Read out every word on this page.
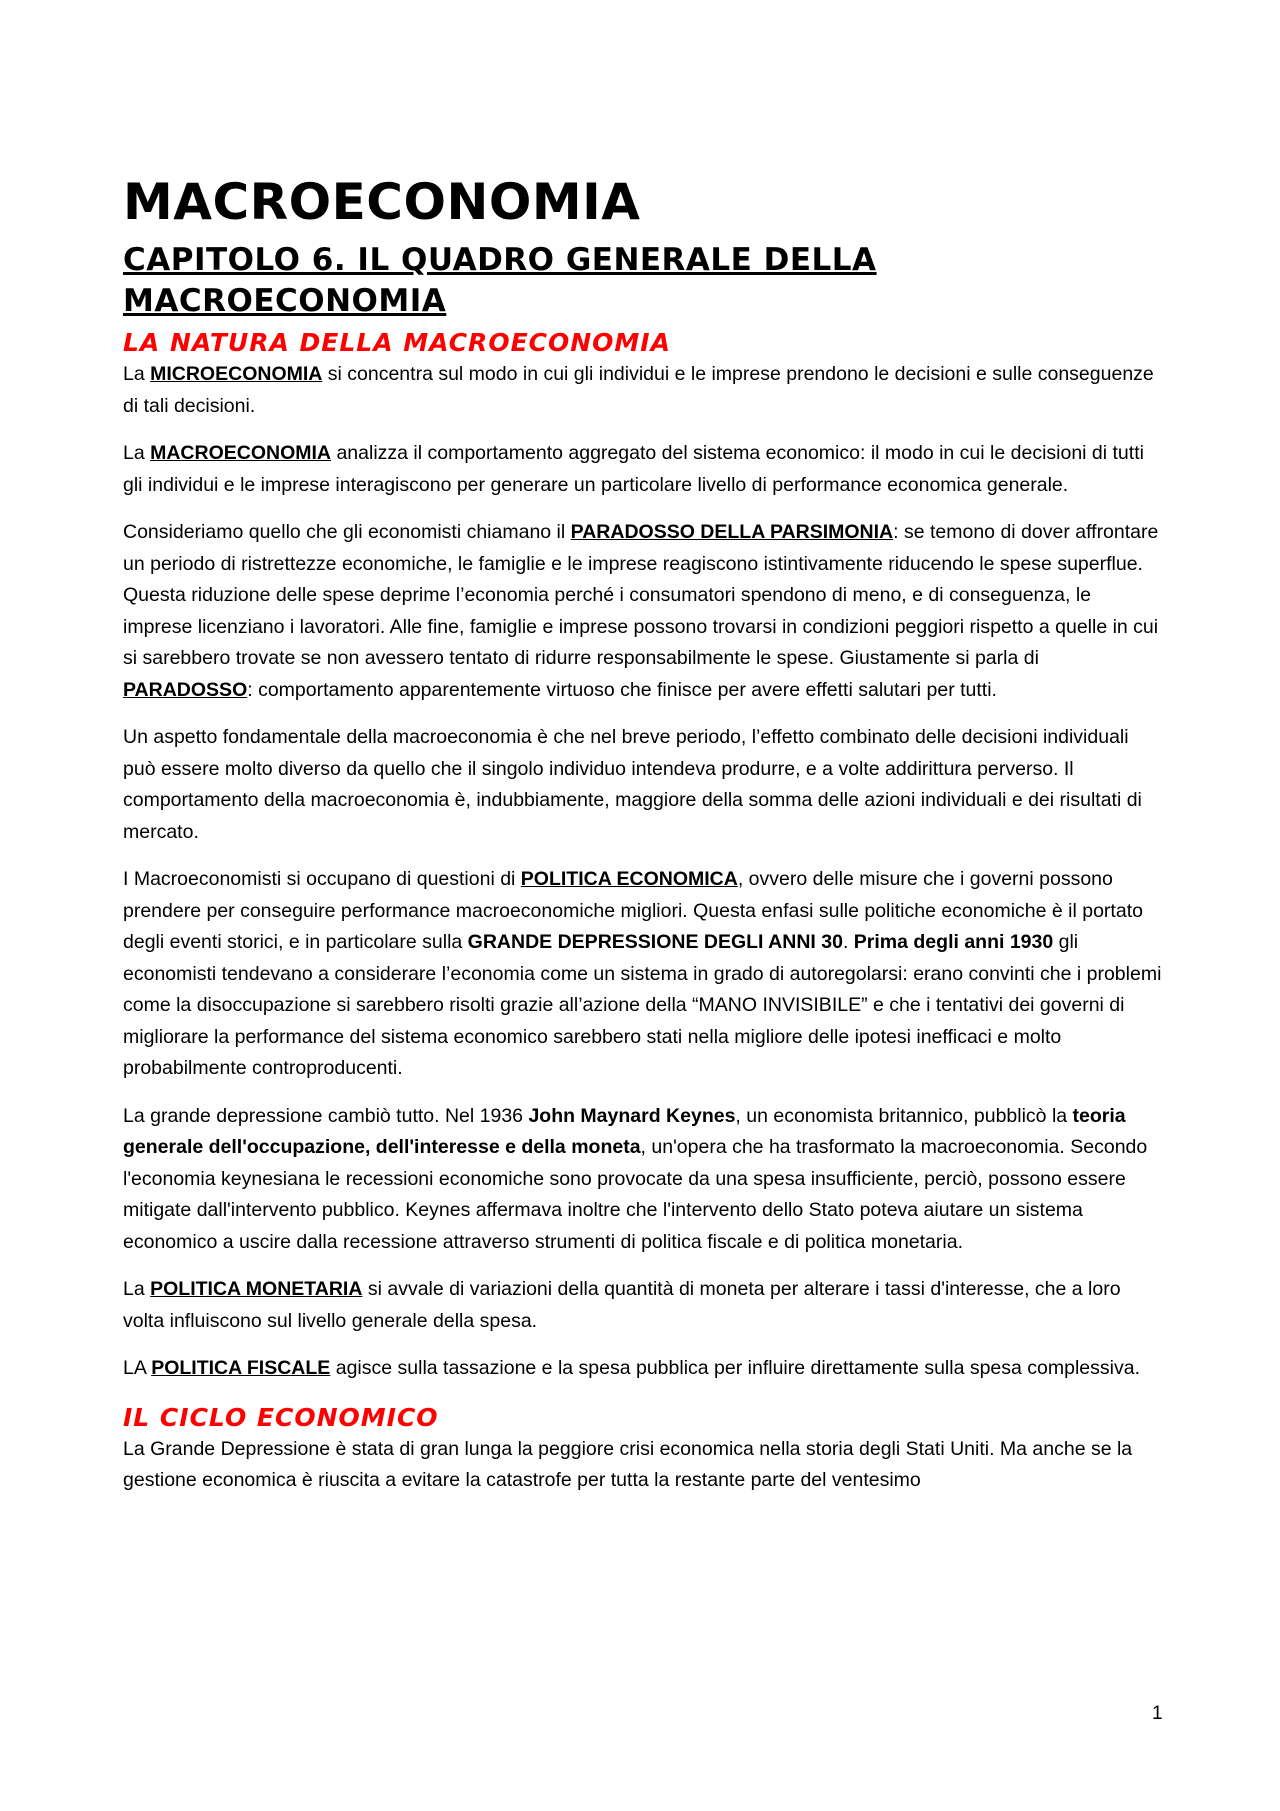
MACROECONOMIA
CAPITOLO 6. IL QUADRO GENERALE DELLA MACROECONOMIA
LA NATURA DELLA MACROECONOMIA

La MICROECONOMIA si concentra sul modo in cui gli individui e le imprese prendono le decisioni e sulle conseguenze di tali decisioni.

La MACROECONOMIA analizza il comportamento aggregato del sistema economico: il modo in cui le decisioni di tutti gli individui e le imprese interagiscono per generare un particolare livello di performance economica generale.

Consideriamo quello che gli economisti chiamano il PARADOSSO DELLA PARSIMONIA: se temono di dover affrontare un periodo di ristrettezze economiche, le famiglie e le imprese reagiscono istintivamente riducendo le spese superflue. Questa riduzione delle spese deprime l’economia perché i consumatori spendono di meno, e di conseguenza, le imprese licenziano i lavoratori. Alle fine, famiglie e imprese possono trovarsi in condizioni peggiori rispetto a quelle in cui si sarebbero trovate se non avessero tentato di ridurre responsabilmente le spese. Giustamente si parla di PARADOSSO: comportamento apparentemente virtuoso che finisce per avere effetti salutari per tutti.

Un aspetto fondamentale della macroeconomia è che nel breve periodo, l’effetto combinato delle decisioni individuali può essere molto diverso da quello che il singolo individuo intendeva produrre, e a volte addirittura perverso. Il comportamento della macroeconomia è, indubbiamente, maggiore della somma delle azioni individuali e dei risultati di mercato.

I Macroeconomisti si occupano di questioni di POLITICA ECONOMICA, ovvero delle misure che i governi possono prendere per conseguire performance macroeconomiche migliori. Questa enfasi sulle politiche economiche è il portato degli eventi storici, e in particolare sulla GRANDE DEPRESSIONE DEGLI ANNI 30. Prima degli anni 1930 gli economisti tendevano a considerare l’economia come un sistema in grado di autoregolarsi: erano convinti che i problemi come la disoccupazione si sarebbero risolti grazie all’azione della “MANO INVISIBILE” e che i tentativi dei governi di migliorare la performance del sistema economico sarebbero stati nella migliore delle ipotesi inefficaci e molto probabilmente controproducenti.

La grande depressione cambiò tutto. Nel 1936 John Maynard Keynes, un economista britannico, pubblicò la teoria generale dell'occupazione, dell'interesse e della moneta, un'opera che ha trasformato la macroeconomia. Secondo l'economia keynesiana le recessioni economiche sono provocate da una spesa insufficiente, perciò, possono essere mitigate dall'intervento pubblico. Keynes affermava inoltre che l'intervento dello Stato poteva aiutare un sistema economico a uscire dalla recessione attraverso strumenti di politica fiscale e di politica monetaria.

La POLITICA MONETARIA si avvale di variazioni della quantità di moneta per alterare i tassi d'interesse, che a loro volta influiscono sul livello generale della spesa.

LA POLITICA FISCALE agisce sulla tassazione e la spesa pubblica per influire direttamente sulla spesa complessiva.

IL CICLO ECONOMICO

La Grande Depressione è stata di gran lunga la peggiore crisi economica nella storia degli Stati Uniti. Ma anche se la gestione economica è riuscita a evitare la catastrofe per tutta la restante parte del ventesimo

1
